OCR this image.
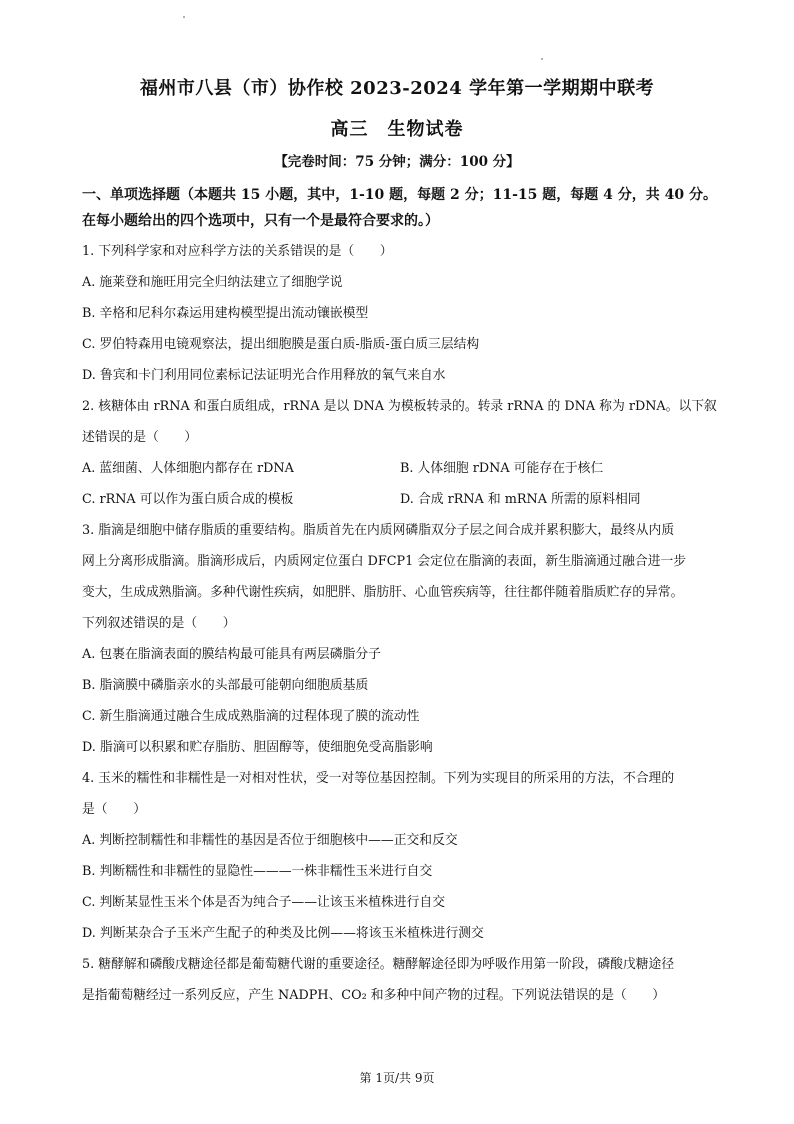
福州市八县（市）协作校 2023-2024 学年第一学期期中联考
高三　生物试卷
【完卷时间：75 分钟；满分：100 分】

一、单项选择题（本题共 15 小题，其中，1-10 题，每题 2 分；11-15 题，每题 4 分，共 40 分。

在每小题给出的四个选项中，只有一个是最符合要求的。）

1. 下列科学家和对应科学方法的关系错误的是（　　）

A. 施莱登和施旺用完全归纳法建立了细胞学说

B. 辛格和尼科尔森运用建构模型提出流动镶嵌模型

C. 罗伯特森用电镜观察法，提出细胞膜是蛋白质-脂质-蛋白质三层结构

D. 鲁宾和卡门利用同位素标记法证明光合作用释放的氧气来自水

2. 核糖体由 rRNA 和蛋白质组成，rRNA 是以 DNA 为模板转录的。转录 rRNA 的 DNA 称为 rDNA。以下叙

述错误的是（　　）

A. 蓝细菌、人体细胞内都存在 rDNA	B. 人体细胞 rDNA 可能存在于核仁

C. rRNA 可以作为蛋白质合成的模板	D. 合成 rRNA 和 mRNA 所需的原料相同

3. 脂滴是细胞中储存脂质的重要结构。脂质首先在内质网磷脂双分子层之间合成并累积膨大，最终从内质

网上分离形成脂滴。脂滴形成后，内质网定位蛋白 DFCP1 会定位在脂滴的表面，新生脂滴通过融合进一步

变大，生成成熟脂滴。多种代谢性疾病，如肥胖、脂肪肝、心血管疾病等，往往都伴随着脂质贮存的异常。

下列叙述错误的是（　　）

A. 包裹在脂滴表面的膜结构最可能具有两层磷脂分子

B. 脂滴膜中磷脂亲水的头部最可能朝向细胞质基质

C. 新生脂滴通过融合生成成熟脂滴的过程体现了膜的流动性

D. 脂滴可以积累和贮存脂肪、胆固醇等，使细胞免受高脂影响

4. 玉米的糯性和非糯性是一对相对性状，受一对等位基因控制。下列为实现目的所采用的方法，不合理的

是（　　）

A. 判断控制糯性和非糯性的基因是否位于细胞核中——正交和反交

B. 判断糯性和非糯性的显隐性———一株非糯性玉米进行自交

C. 判断某显性玉米个体是否为纯合子——让该玉米植株进行自交

D. 判断某杂合子玉米产生配子的种类及比例——将该玉米植株进行测交

5. 糖酵解和磷酸戊糖途径都是葡萄糖代谢的重要途径。糖酵解途径即为呼吸作用第一阶段，磷酸戊糖途径

是指葡萄糖经过一系列反应，产生 NADPH、CO₂ 和多种中间产物的过程。下列说法错误的是（　　）

第 1页/共 9页
